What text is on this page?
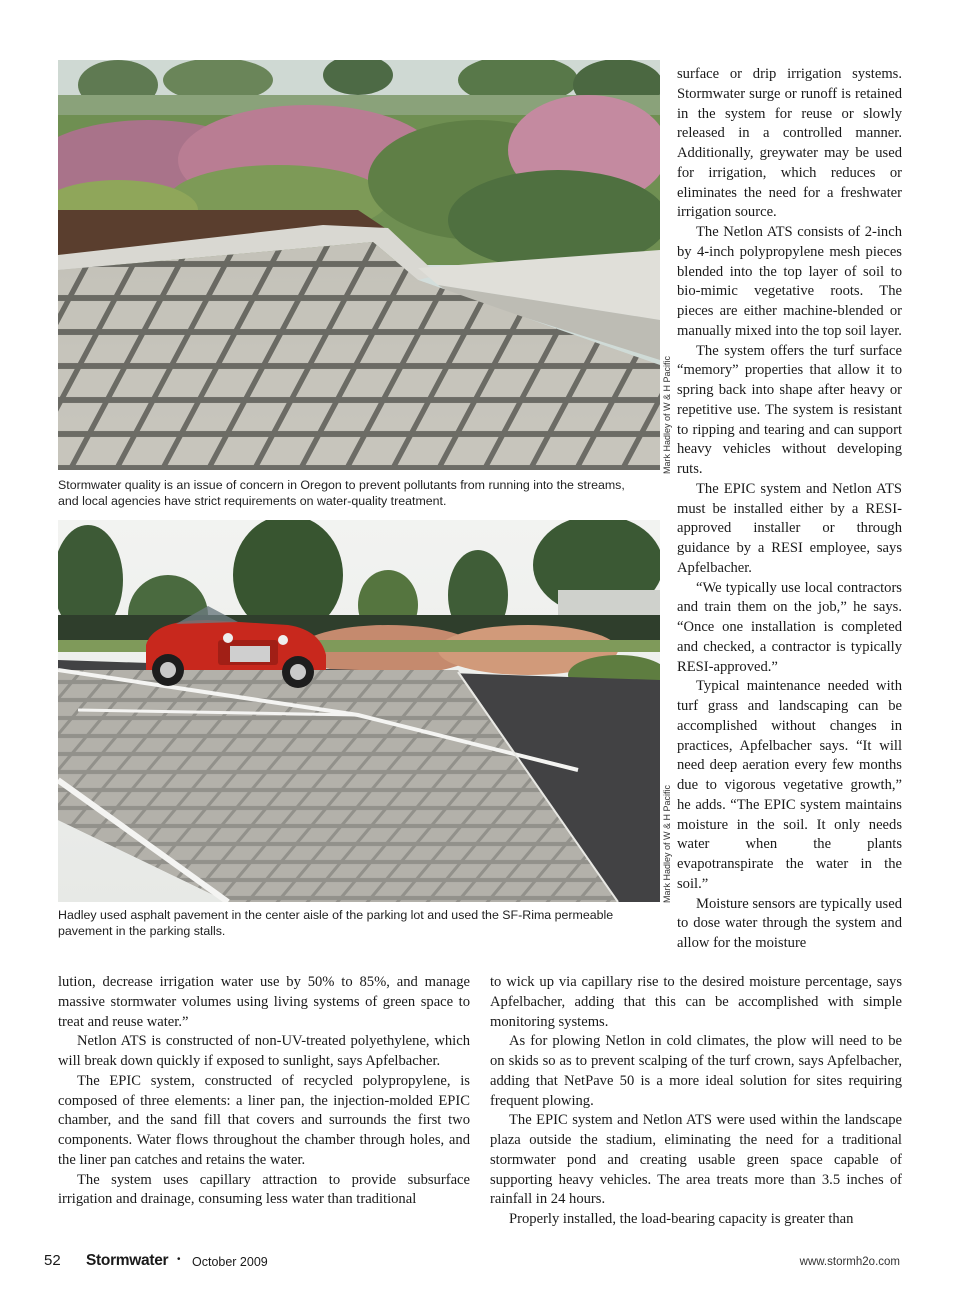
Mark Hadley of W & H Pacific

Stormwater quality is an issue of concern in Oregon to prevent pollutants from running into the streams, and local agencies have strict requirements on water-quality treatment.

Mark Hadley of W & H Pacific

Hadley used asphalt pavement in the center aisle of the parking lot and used the SF-Rima permeable pavement in the parking stalls.

surface or drip irrigation systems. Stormwater surge or runoff is retained in the system for reuse or slowly released in a controlled manner. Additionally, greywater may be used for irrigation, which reduces or eliminates the need for a freshwater irrigation source.

The Netlon ATS consists of 2-inch by 4-inch polypropylene mesh pieces blended into the top layer of soil to bio-mimic vegetative roots. The pieces are either machine-blended or manually mixed into the top soil layer.

The system offers the turf surface “memory” properties that allow it to spring back into shape after heavy or repetitive use. The system is resistant to ripping and tearing and can support heavy vehicles without developing ruts.

The EPIC system and Netlon ATS must be installed either by a RESI-approved installer or through guidance by a RESI employee, says Apfelbacher.

“We typically use local contractors and train them on the job,” he says. “Once one installation is completed and checked, a contractor is typically RESI-approved.”

Typical maintenance needed with turf grass and landscaping can be accomplished without changes in practices, Apfelbacher says. “It will need deep aeration every few months due to vigorous vegetative growth,” he adds. “The EPIC system maintains moisture in the soil. It only needs water when the plants evapotranspirate the water in the soil.”

Moisture sensors are typically used to dose water through the system and allow for the moisture

lution, decrease irrigation water use by 50% to 85%, and manage massive stormwater volumes using living systems of green space to treat and reuse water.”

Netlon ATS is constructed of non-UV-treated polyethylene, which will break down quickly if exposed to sunlight, says Apfelbacher.

The EPIC system, constructed of recycled polypropylene, is composed of three elements: a liner pan, the injection-molded EPIC chamber, and the sand fill that covers and surrounds the first two components. Water flows throughout the chamber through holes, and the liner pan catches and retains the water.

The system uses capillary attraction to provide subsurface irrigation and drainage, consuming less water than traditional

to wick up via capillary rise to the desired moisture percentage, says Apfelbacher, adding that this can be accomplished with simple monitoring systems.

As for plowing Netlon in cold climates, the plow will need to be on skids so as to prevent scalping of the turf crown, says Apfelbacher, adding that NetPave 50 is a more ideal solution for sites requiring frequent plowing.

The EPIC system and Netlon ATS were used within the landscape plaza outside the stadium, eliminating the need for a traditional stormwater pond and creating usable green space capable of supporting heavy vehicles. The area treats more than 3.5 inches of rainfall in 24 hours.

Properly installed, the load-bearing capacity is greater than

52 Stormwater • October 2009	www.stormh2o.com
